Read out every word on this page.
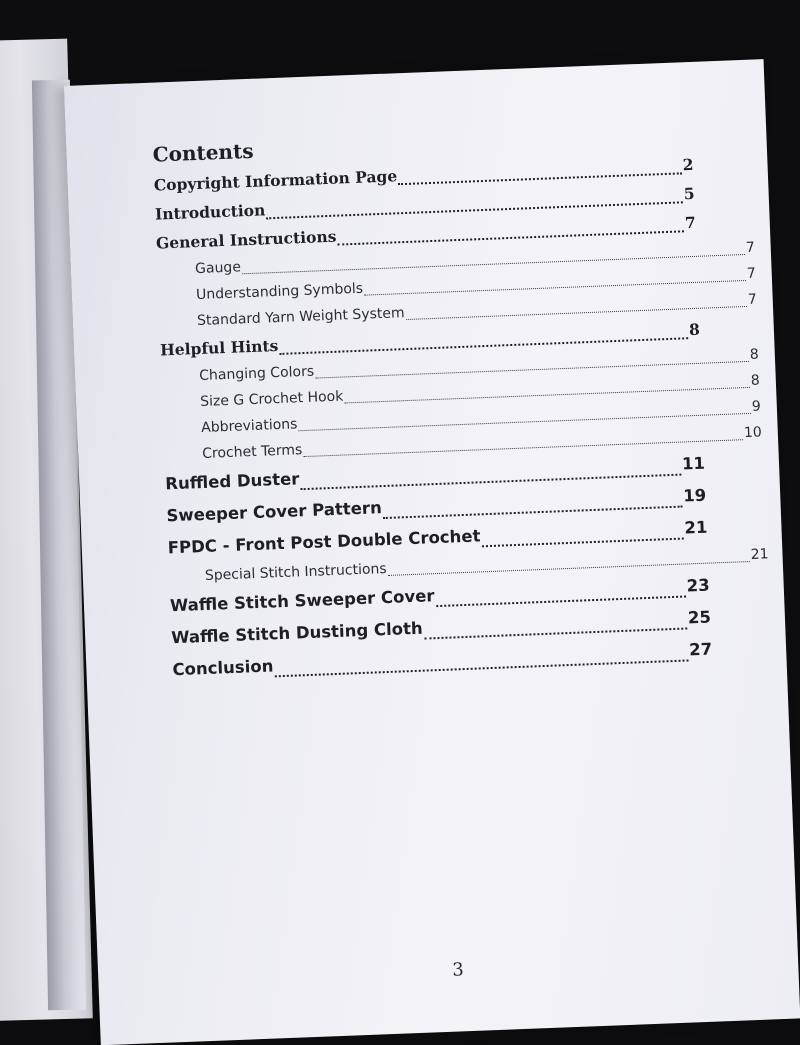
Contents
Copyright Information Page
2
Introduction
5
General Instructions
7
Gauge
7
Understanding Symbols
7
Standard Yarn Weight System
7
Helpful Hints
8
Changing Colors
8
Size G Crochet Hook
8
Abbreviations
9
Crochet Terms
10
Ruffled Duster
11
Sweeper Cover Pattern
19
FPDC - Front Post Double Crochet	21
Special Stitch Instructions
21
Waffle Stitch Sweeper Cover
23
Waffle Stitch Dusting Cloth
25
Conclusion
27
3
